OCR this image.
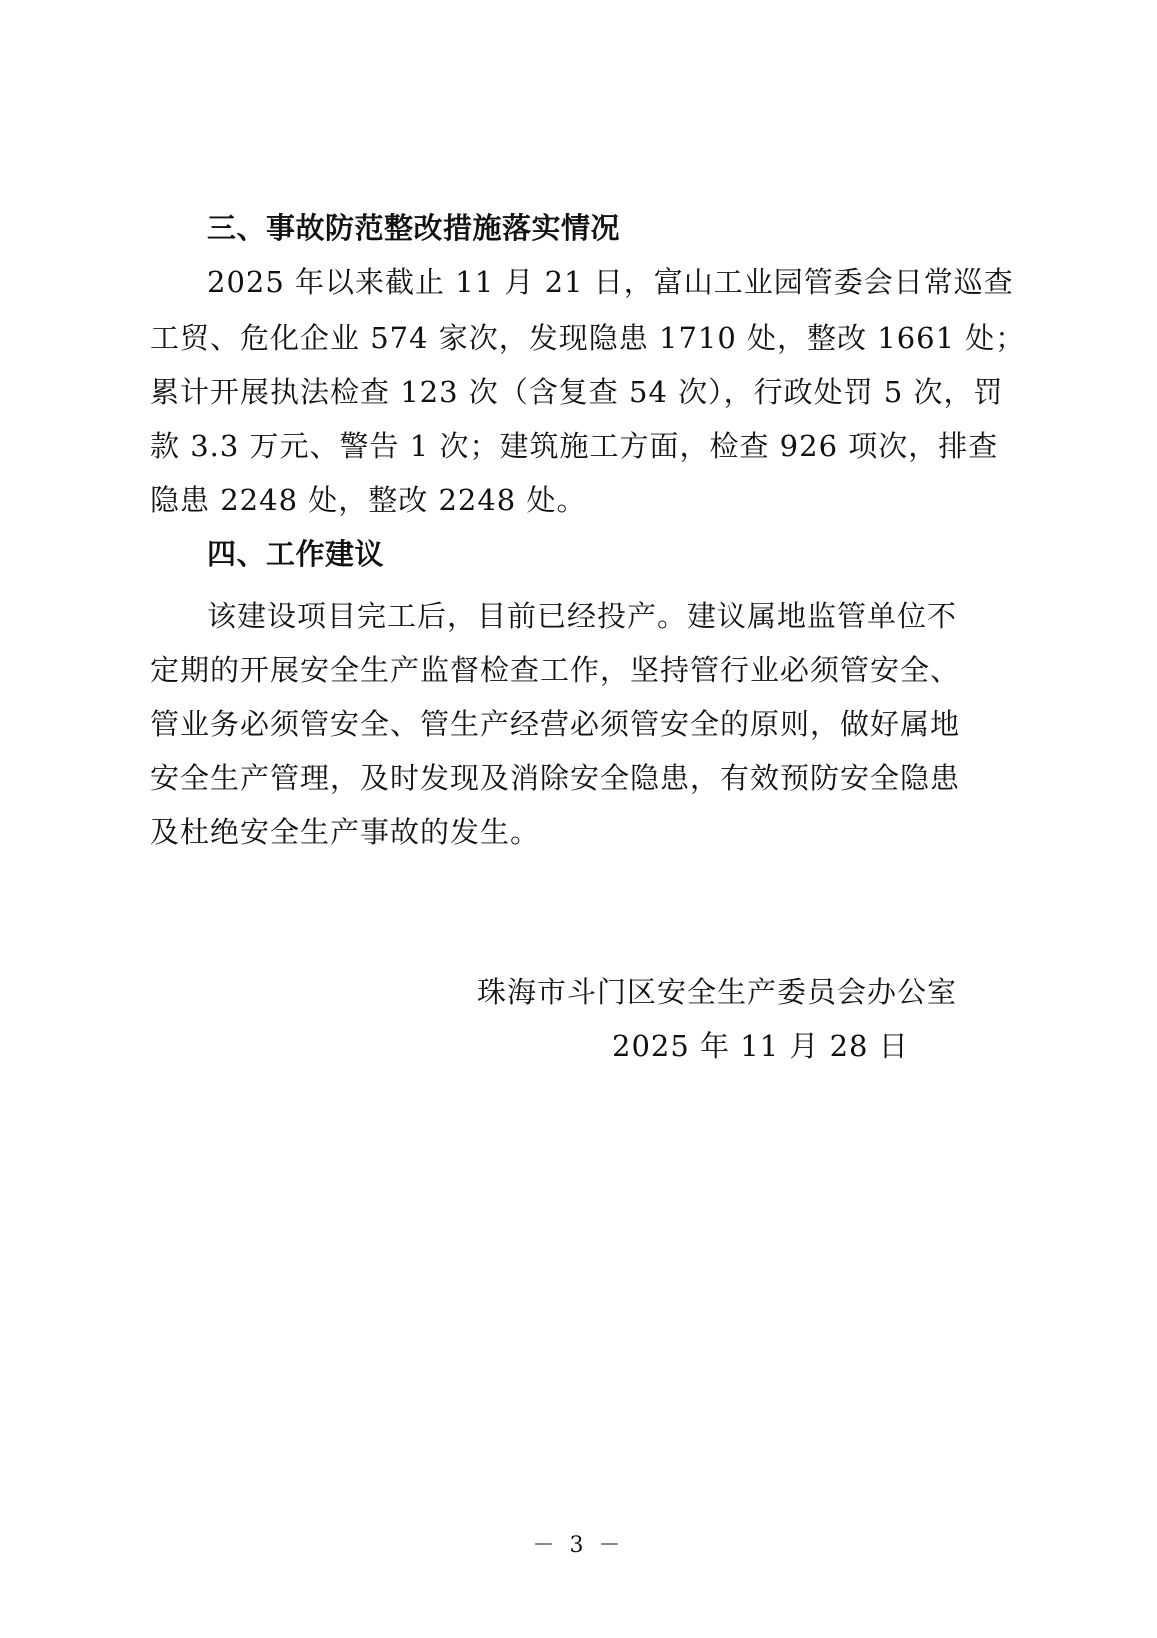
三、事故防范整改措施落实情况
2025 年以来截止 11 月 21 日，富山工业园管委会日常巡查
工贸、危化企业 574 家次，发现隐患 1710 处，整改 1661 处；
累计开展执法检查 123 次（含复查 54 次），行政处罚 5 次，罚
款 3.3 万元、警告 1 次；建筑施工方面，检查 926 项次，排查
隐患 2248 处，整改 2248 处。
四、工作建议
该建设项目完工后，目前已经投产。建议属地监管单位不
定期的开展安全生产监督检查工作，坚持管行业必须管安全、
管业务必须管安全、管生产经营必须管安全的原则，做好属地
安全生产管理，及时发现及消除安全隐患，有效预防安全隐患
及杜绝安全生产事故的发生。
珠海市斗门区安全生产委员会办公室
2025 年 11 月 28 日
－ 3 －
